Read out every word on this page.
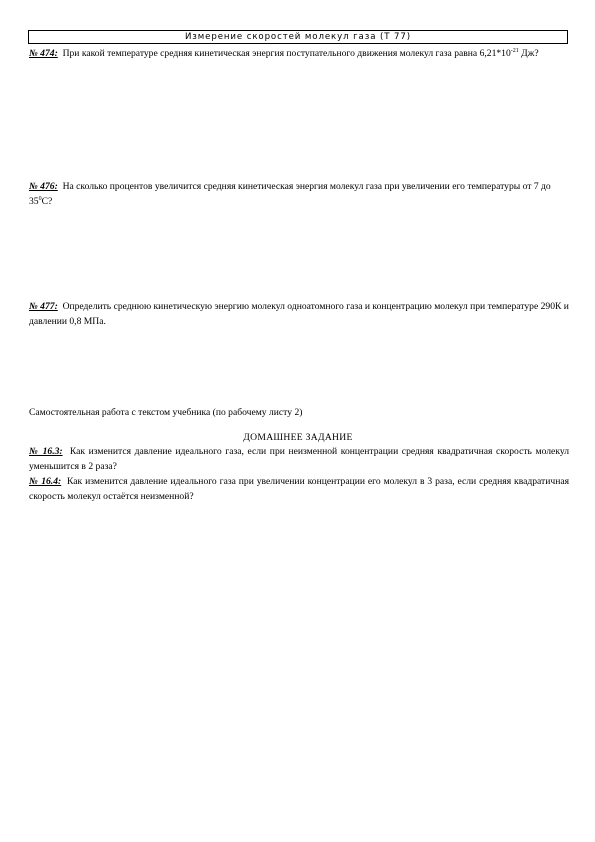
Измерение скоростей молекул газа (Т 77)
№ 474: При какой температуре средняя кинетическая энергия поступательного движения молекул газа равна $6,21*10^{-21}$ Дж?
№ 476: На сколько процентов увеличится средняя кинетическая энергия молекул газа при увеличении его температуры от 7 до $35^0С$?
№ 477: Определить среднюю кинетическую энергию молекул одноатомного газа и концентрацию молекул при температуре 290К и давлении 0,8 МПа.
Самостоятельная работа с текстом учебника (по рабочему листу 2)
ДОМАШНЕЕ ЗАДАНИЕ
№ 16.3: Как изменится давление идеального газа, если при неизменной концентрации средняя квадратичная скорость молекул уменьшится в 2 раза?
№ 16.4: Как изменится давление идеального газа при увеличении концентрации его молекул в 3 раза, если средняя квадратичная скорость молекул остаётся неизменной?
